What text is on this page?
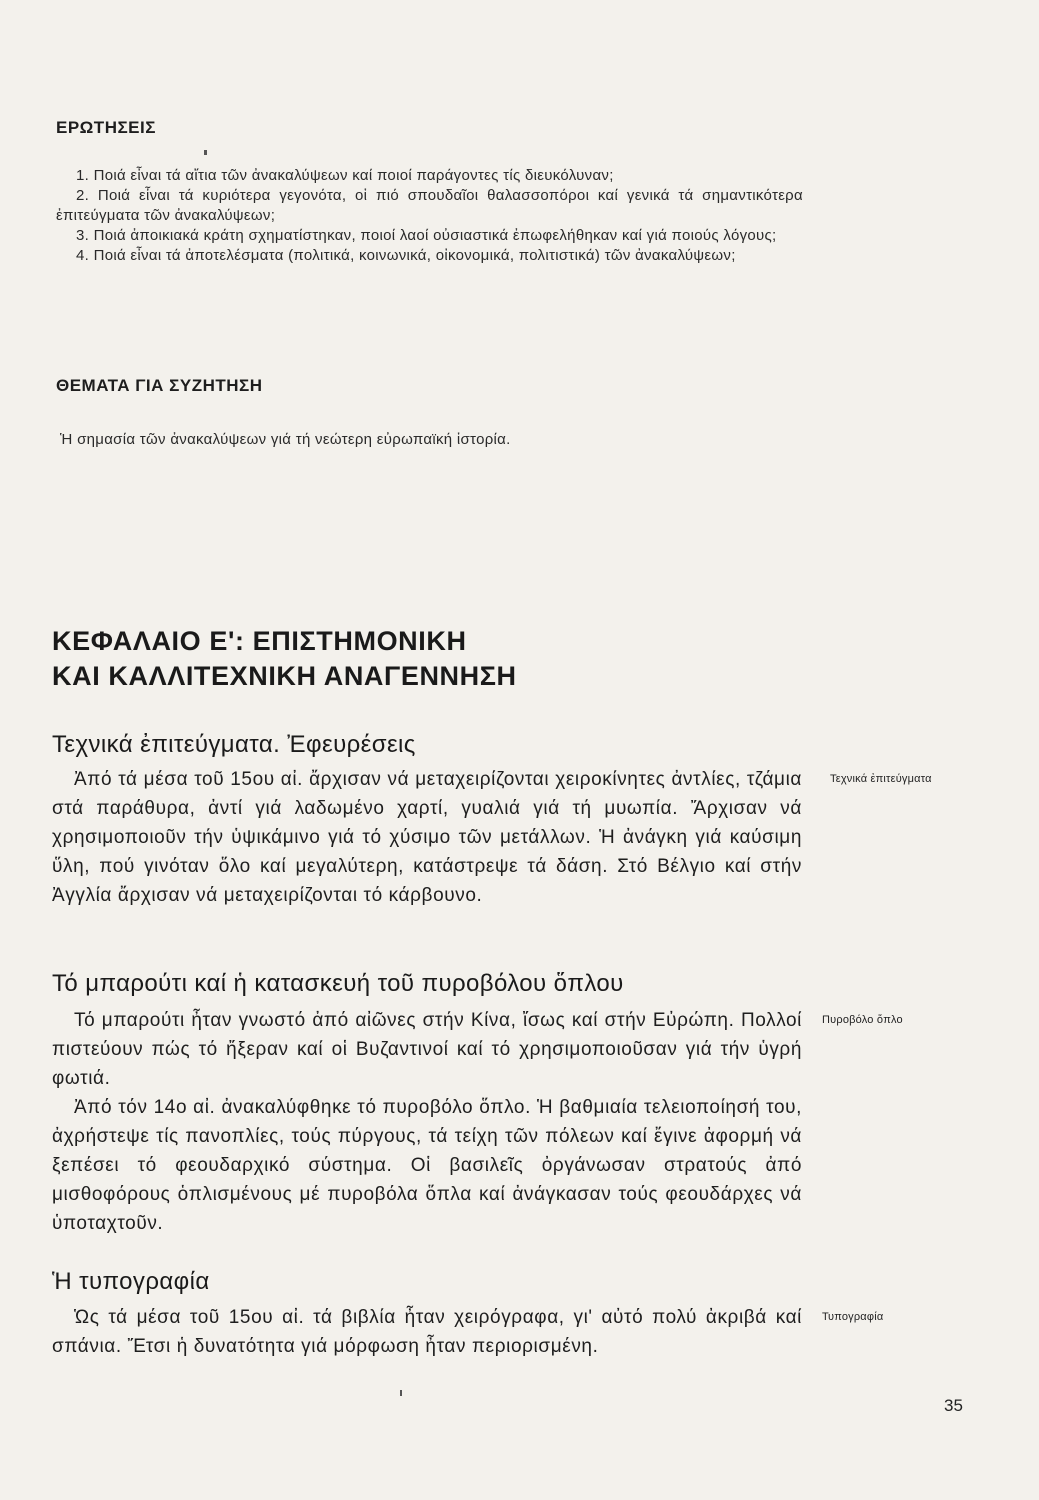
ΕΡΩΤΗΣΕΙΣ

1. Ποιά εἶναι τά αἴτια τῶν ἀνακαλύψεων καί ποιοί παράγοντες τίς διευκόλυναν;

2. Ποιά εἶναι τά κυριότερα γεγονότα, οἱ πιό σπουδαῖοι θαλασσοπόροι καί γενικά τά σημαντικότερα ἐπιτεύγματα τῶν ἀνακαλύψεων;

3. Ποιά ἀποικιακά κράτη σχηματίστηκαν, ποιοί λαοί οὐσιαστικά ἐπωφελήθηκαν καί γιά ποιούς λόγους;

4. Ποιά εἶναι τά ἀποτελέσματα (πολιτικά, κοινωνικά, οἰκονομικά, πολιτιστικά) τῶν ἀνακαλύψεων;

ΘΕΜΑΤΑ ΓΙΑ ΣΥΖΗΤΗΣΗ
Ἡ σημασία τῶν ἀνακαλύψεων γιά τή νεώτερη εὐρωπαϊκή ἱστορία.
ΚΕΦΑΛΑΙΟ Ε': ΕΠΙΣΤΗΜΟΝΙΚΗ
ΚΑΙ ΚΑΛΛΙΤΕΧΝΙΚΗ ΑΝΑΓΕΝΝΗΣΗ
Τεχνικά ἐπιτεύγματα. Ἐφευρέσεις

Ἀπό τά μέσα τοῦ 15ου αἰ. ἄρχισαν νά μεταχειρίζονται χειροκίνητες ἀντλίες, τζάμια στά παράθυρα, ἀντί γιά λαδωμένο χαρτί, γυαλιά γιά τή μυωπία. Ἄρχισαν νά χρησιμοποιοῦν τήν ὑψικάμινο γιά τό χύσιμο τῶν μετάλλων. Ἡ ἀνάγκη γιά καύσιμη ὕλη, πού γινόταν ὅλο καί μεγαλύτερη, κατάστρεψε τά δάση. Στό Βέλγιο καί στήν Ἀγγλία ἄρχισαν νά μεταχειρίζονται τό κάρβουνο.

Τεχνικά ἐπιτεύγματα
Τό μπαρούτι καί ἡ κατασκευή τοῦ πυροβόλου ὅπλου

Τό μπαρούτι ἦταν γνωστό ἀπό αἰῶνες στήν Κίνα, ἴσως καί στήν Εὐρώπη. Πολλοί πιστεύουν πώς τό ἤξεραν καί οἱ Βυζαντινοί καί τό χρησιμοποιοῦσαν γιά τήν ὑγρή φωτιά.

Ἀπό τόν 14ο αἰ. ἀνακαλύφθηκε τό πυροβόλο ὅπλο. Ἡ βαθμιαία τελειοποίησή του, ἀχρήστεψε τίς πανοπλίες, τούς πύργους, τά τείχη τῶν πόλεων καί ἔγινε ἀφορμή νά ξεπέσει τό φεουδαρχικό σύστημα. Οἱ βασιλεῖς ὀργάνωσαν στρατούς ἀπό μισθοφόρους ὁπλισμένους μέ πυροβόλα ὅπλα καί ἀνάγκασαν τούς φεουδάρχες νά ὑποταχτοῦν.

Πυροβόλο ὅπλο
Ἡ τυπογραφία

Ὡς τά μέσα τοῦ 15ου αἰ. τά βιβλία ἦταν χειρόγραφα, γι' αὐτό πολύ ἀκριβά καί σπάνια. Ἔτσι ἡ δυνατότητα γιά μόρφωση ἦταν περιορισμένη.

Τυπογραφία
35
